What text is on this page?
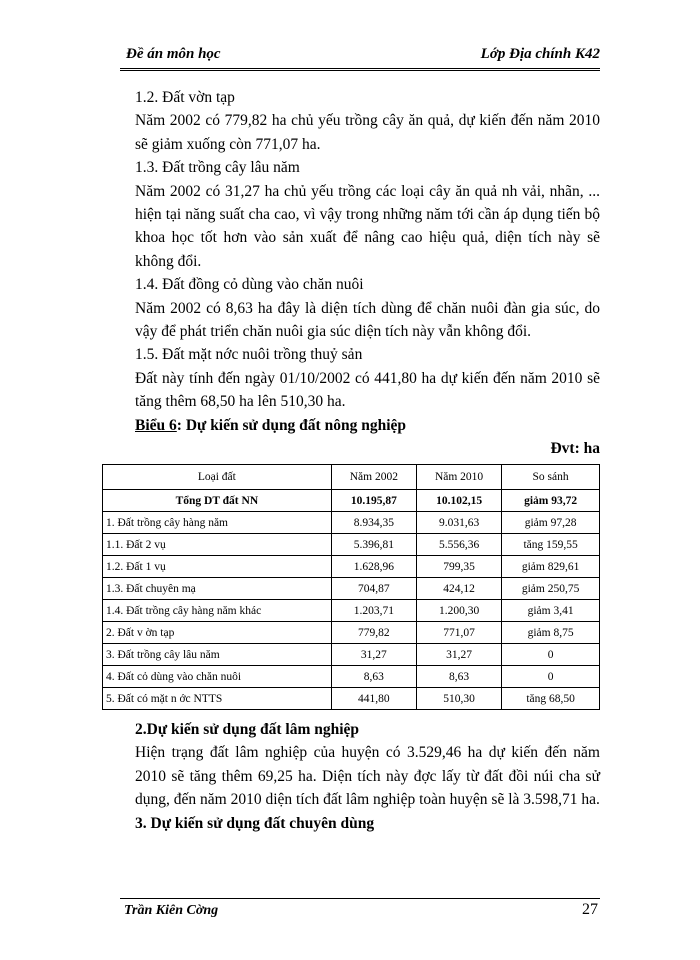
Đề án môn học	Lớp Địa chính K42

1.2. Đất vờn tạp

Năm 2002 có 779,82 ha chủ yếu trồng cây ăn quả, dự kiến đến năm 2010 sẽ giảm xuống còn 771,07 ha.

1.3. Đất trồng cây lâu năm

Năm 2002 có 31,27 ha chủ yếu trồng các loại cây ăn quả nh vải, nhãn, ... hiện tại năng suất cha cao, vì vậy trong những năm tới cần áp dụng tiến bộ khoa học tốt hơn vào sản xuất để nâng cao hiệu quả, diện tích này sẽ không đổi.

1.4. Đất đồng cỏ dùng vào chăn nuôi

Năm 2002 có 8,63 ha đây là diện tích dùng để chăn nuôi đàn gia súc, do vậy để phát triển chăn nuôi gia súc diện tích này vẫn không đổi.

1.5. Đất mặt nớc nuôi trồng thuỷ sản

Đất này tính đến ngày 01/10/2002 có 441,80 ha dự kiến đến năm 2010 sẽ tăng thêm 68,50 ha lên 510,30 ha.

Biểu 6: Dự kiến sử dụng đất nông nghiệp

Đvt: ha

Loại đất	Năm 2002	Năm 2010	So sánh
Tổng DT đất NN	10.195,87	10.102,15	giảm 93,72
1. Đất trồng cây hàng năm	8.934,35	9.031,63	giảm 97,28
1.1. Đất 2 vụ	5.396,81	5.556,36	tăng 159,55
1.2. Đất 1 vụ	1.628,96	799,35	giảm 829,61
1.3. Đất chuyên mạ	704,87	424,12	giảm 250,75
1.4. Đất trồng cây hàng năm khác	1.203,71	1.200,30	giảm 3,41
2. Đất v ờn tạp	779,82	771,07	giảm 8,75
3. Đất trồng cây lâu năm	31,27	31,27	0
4. Đất cỏ dùng vào chăn nuôi	8,63	8,63	0
5. Đất có mặt n ớc NTTS	441,80	510,30	tăng 68,50

2.Dự kiến sử dụng đất lâm nghiệp

Hiện trạng đất lâm nghiệp của huyện có 3.529,46 ha dự kiến đến năm 2010 sẽ tăng thêm 69,25 ha. Diện tích này đợc lấy từ đất đồi núi cha sử dụng, đến năm 2010 diện tích đất lâm nghiệp toàn huyện sẽ là 3.598,71 ha.

3. Dự kiến sử dụng đất chuyên dùng

Trần Kiên Cờng	27
